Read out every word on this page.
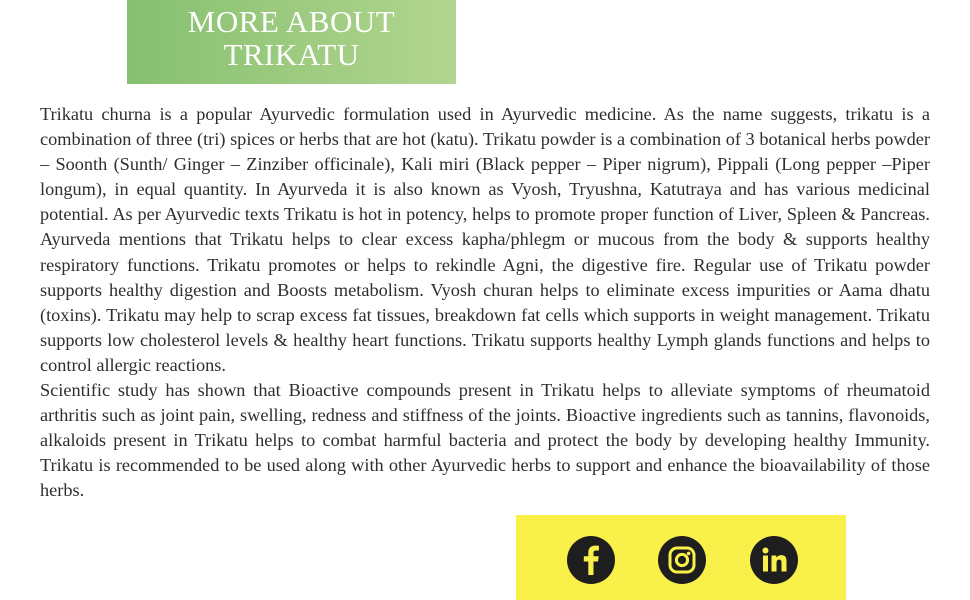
MORE ABOUT
TRIKATU

Trikatu churna is a popular Ayurvedic formulation used in Ayurvedic medicine. As the name suggests, trikatu is a combination of three (tri) spices or herbs that are hot (katu). Trikatu powder is a combination of 3 botanical herbs powder – Soonth (Sunth/ Ginger – Zinziber officinale), Kali miri (Black pepper – Piper nigrum), Pippali (Long pepper –Piper longum), in equal quantity. In Ayurveda it is also known as Vyosh, Tryushna, Katutraya and has various medicinal potential. As per Ayurvedic texts Trikatu is hot in potency, helps to promote proper function of Liver, Spleen & Pancreas. Ayurveda mentions that Trikatu helps to clear excess kapha/phlegm or mucous from the body & supports healthy respiratory functions. Trikatu promotes or helps to rekindle Agni, the digestive fire. Regular use of Trikatu powder supports healthy digestion and Boosts metabolism. Vyosh churan helps to eliminate excess impurities or Aama dhatu (toxins). Trikatu may help to scrap excess fat tissues, breakdown fat cells which supports in weight management. Trikatu supports low cholesterol levels & healthy heart functions. Trikatu supports healthy Lymph glands functions and helps to control allergic reactions.

Scientific study has shown that Bioactive compounds present in Trikatu helps to alleviate symptoms of rheumatoid arthritis such as joint pain, swelling, redness and stiffness of the joints. Bioactive ingredients such as tannins, flavonoids, alkaloids present in Trikatu helps to combat harmful bacteria and protect the body by developing healthy Immunity. Trikatu is recommended to be used along with other Ayurvedic herbs to support and enhance the bioavailability of those herbs.
